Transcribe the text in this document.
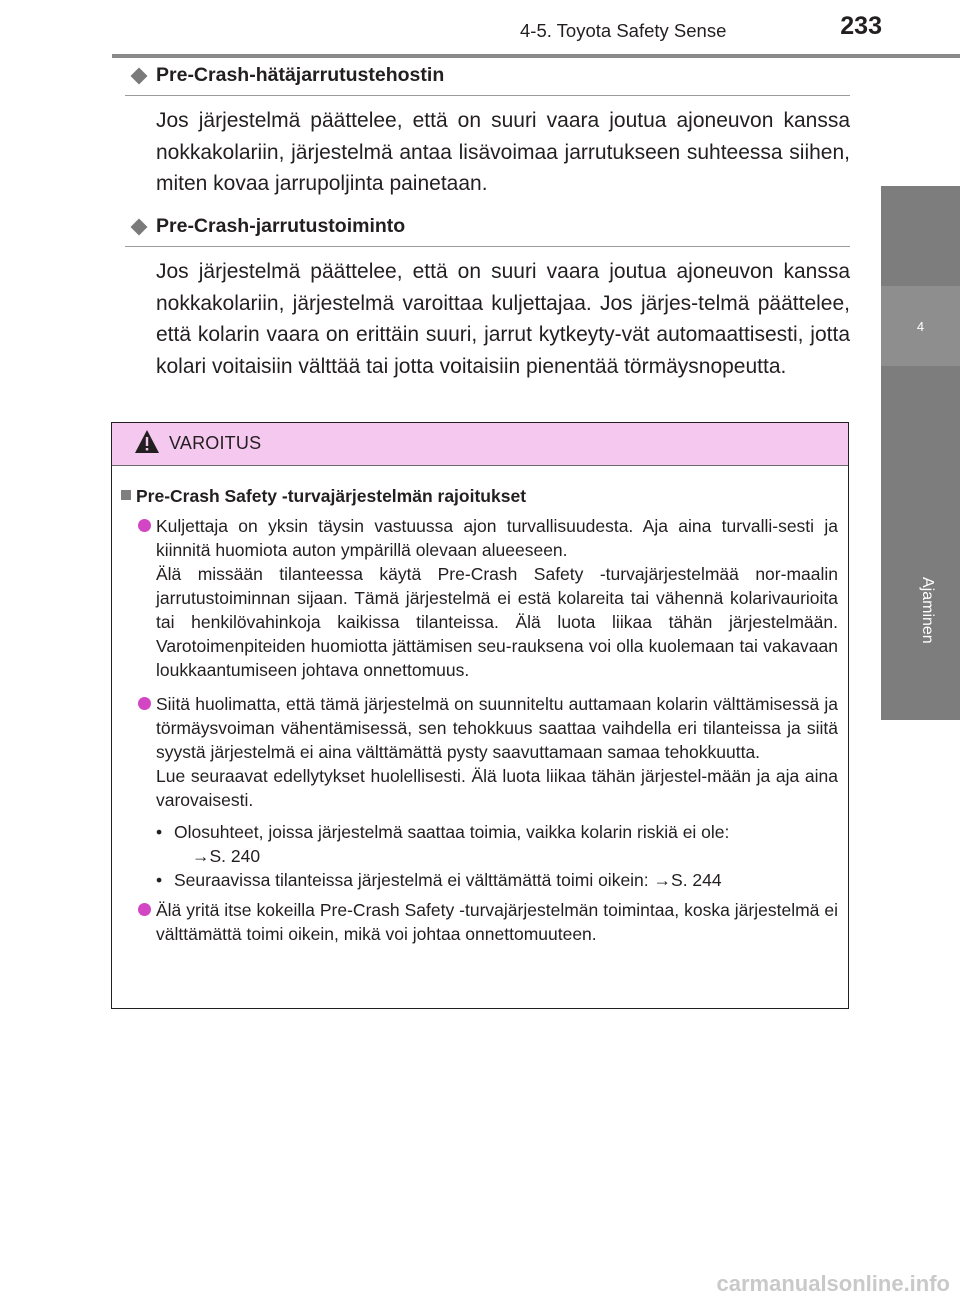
4-5. Toyota Safety Sense	233
4
Ajaminen
Pre-Crash-hätäjarrutustehostin
Jos järjestelmä päättelee, että on suuri vaara joutua ajoneuvon kanssa nokkakolariin, järjestelmä antaa lisävoimaa jarrutukseen suhteessa siihen, miten kovaa jarrupoljinta painetaan.
Pre-Crash-jarrutustoiminto
Jos järjestelmä päättelee, että on suuri vaara joutua ajoneuvon kanssa nokkakolariin, järjestelmä varoittaa kuljettajaa. Jos järjes-telmä päättelee, että kolarin vaara on erittäin suuri, jarrut kytkeyty-vät automaattisesti, jotta kolari voitaisiin välttää tai jotta voitaisiin pienentää törmäysnopeutta.
VAROITUS
Pre-Crash Safety -turvajärjestelmän rajoitukset
Kuljettaja on yksin täysin vastuussa ajon turvallisuudesta. Aja aina turvalli-sesti ja kiinnitä huomiota auton ympärillä olevaan alueeseen.
Älä missään tilanteessa käytä Pre-Crash Safety -turvajärjestelmää nor-maalin jarrutustoiminnan sijaan. Tämä järjestelmä ei estä kolareita tai vähennä kolarivaurioita tai henkilövahinkoja kaikissa tilanteissa. Älä luota liikaa tähän järjestelmään. Varotoimenpiteiden huomiotta jättämisen seu-rauksena voi olla kuolemaan tai vakavaan loukkaantumiseen johtava onnettomuus.
Siitä huolimatta, että tämä järjestelmä on suunniteltu auttamaan kolarin välttämisessä ja törmäysvoiman vähentämisessä, sen tehokkuus saattaa vaihdella eri tilanteissa ja siitä syystä järjestelmä ei aina välttämättä pysty saavuttamaan samaa tehokkuutta.
Lue seuraavat edellytykset huolellisesti. Älä luota liikaa tähän järjestel-mään ja aja aina varovaisesti.
• Olosuhteet, joissa järjestelmä saattaa toimia, vaikka kolarin riskiä ei ole:
→S. 240
• Seuraavissa tilanteissa järjestelmä ei välttämättä toimi oikein: →S. 244
Älä yritä itse kokeilla Pre-Crash Safety -turvajärjestelmän toimintaa, koska järjestelmä ei välttämättä toimi oikein, mikä voi johtaa onnettomuuteen.
carmanualsonline.info
